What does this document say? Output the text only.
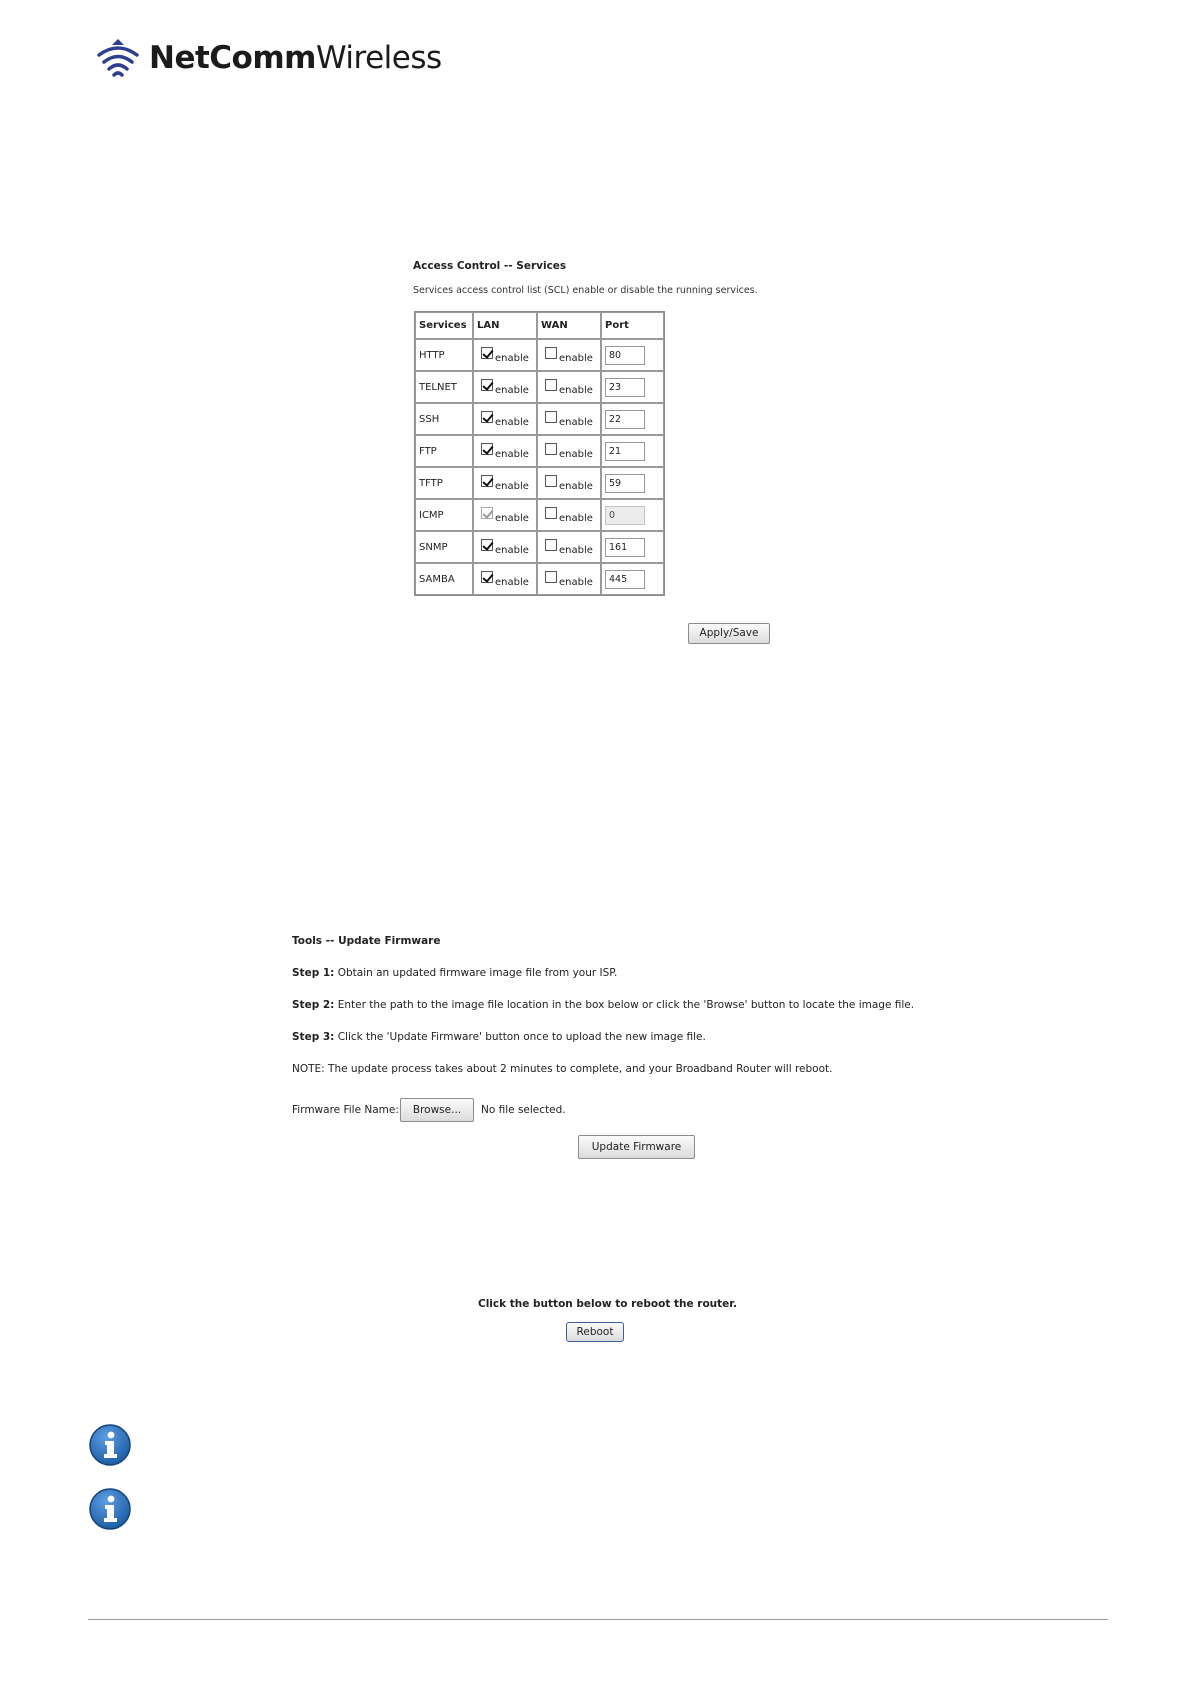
NetCommWireless
Access Control -- Services
Services access control list (SCL) enable or disable the running services.
Services	LAN	WAN	Port
HTTP	enable	enable	80
TELNET	enable	enable	23
SSH	enable	enable	22
FTP	enable	enable	21
TFTP	enable	enable	59
ICMP	enable	enable	0
SNMP	enable	enable	161
SAMBA	enable	enable	445
Apply/Save
Tools -- Update Firmware
Step 1: Obtain an updated firmware image file from your ISP.
Step 2: Enter the path to the image file location in the box below or click the 'Browse' button to locate the image file.
Step 3: Click the 'Update Firmware' button once to upload the new image file.
NOTE: The update process takes about 2 minutes to complete, and your Broadband Router will reboot.
Firmware File Name:	Browse...	No file selected.
Update Firmware
Click the button below to reboot the router.
Reboot
